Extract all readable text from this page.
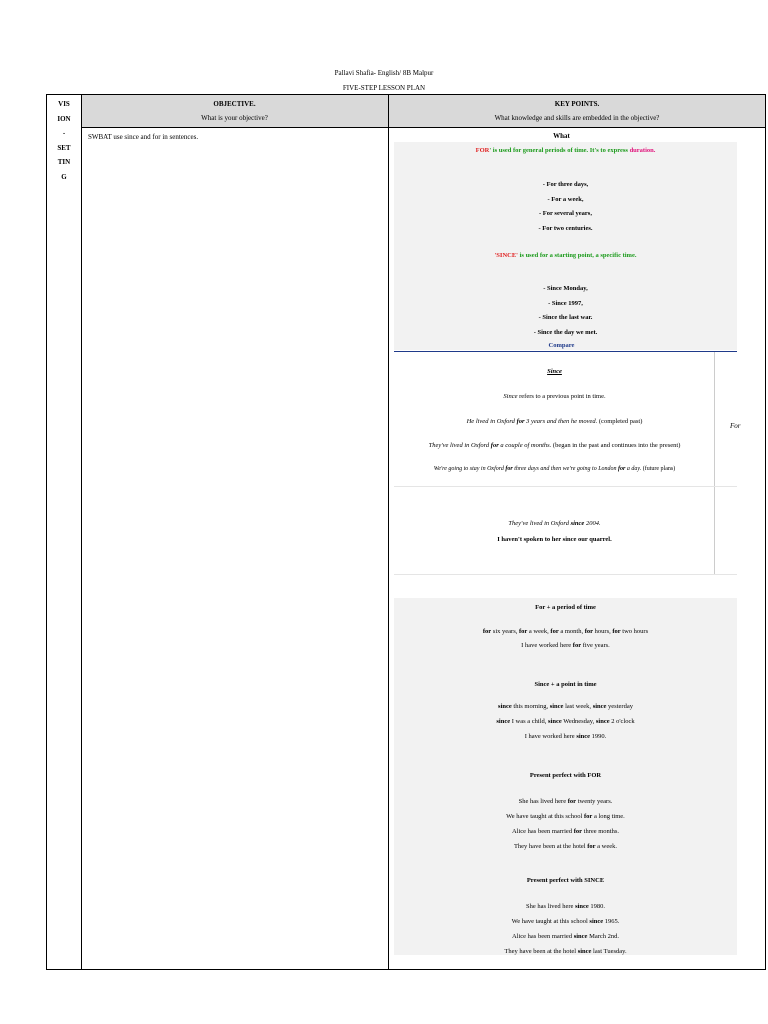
Pallavi Shafia- English/ 8B Malpur
FIVE-STEP LESSON PLAN
VIS
ION
-
SET
TIN
G
OBJECTIVE.
What is your objective?
SWBAT use since and for in sentences.
KEY POINTS.
What knowledge and skills are embedded in the objective?
What
FOR' is used for general periods of time. It's to express duration.
- For three days,
- For a week,
- For several years,
- For two centuries.
'SINCE' is used for a starting point, a specific time.
- Since Monday,
- Since 1997,
- Since the last war.
- Since the day we met.
Compare
Since
Since refers to a previous point in time.
He lived in Oxford for 3 years and then he moved. (completed past)
They've lived in Oxford for a couple of months. (began in the past and continues into the present)
We're going to stay in Oxford for three days and then we're going to London for a day. (future plans)
For
They've lived in Oxford since 2004.
I haven't spoken to her since our quarrel.
For + a period of time
for six years, for a week, for a month, for hours, for two hours
I have worked here for five years.
Since + a point in time
since this morning, since last week, since yesterday
since I was a child, since Wednesday, since 2 o'clock
I have worked here since 1990.
Present perfect with FOR
She has lived here for twenty years.
We have taught at this school for a long time.
Alice has been married for three months.
They have been at the hotel for a week.
Present perfect with SINCE
She has lived here since 1980.
We have taught at this school since 1965.
Alice has been married since March 2nd.
They have been at the hotel since last Tuesday.
